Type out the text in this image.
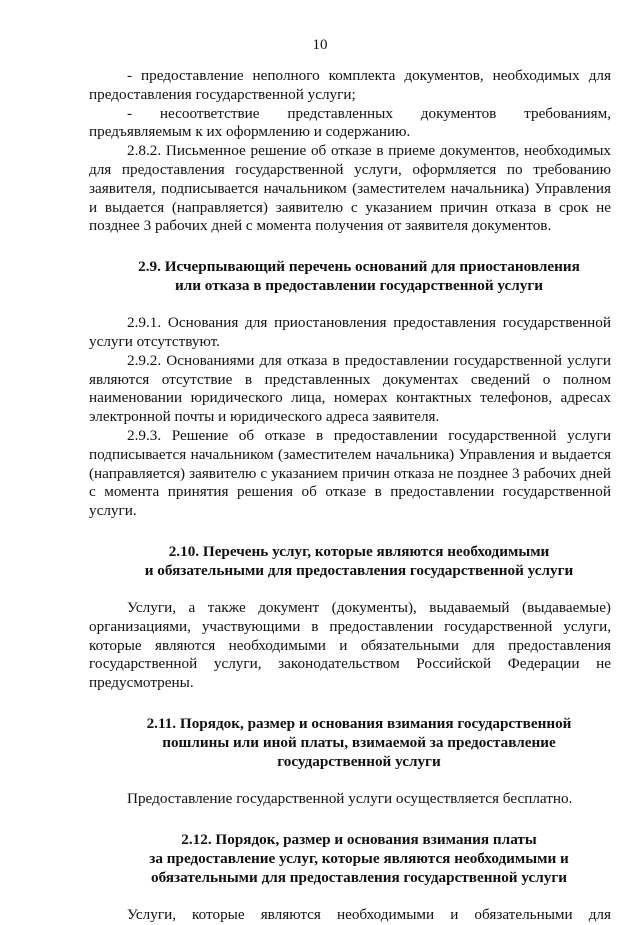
10

- предоставление неполного комплекта документов, необходимых для предоставления государственной услуги;

- несоответствие представленных документов требованиям, предъявляемым к их оформлению и содержанию.

2.8.2. Письменное решение об отказе в приеме документов, необходимых для предоставления государственной услуги, оформляется по требованию заявителя, подписывается начальником (заместителем начальника) Управления и выдается (направляется) заявителю с указанием причин отказа в срок не позднее 3 рабочих дней с момента получения от заявителя документов.

2.9. Исчерпывающий перечень оснований для приостановления
или отказа в предоставлении государственной услуги

2.9.1. Основания для приостановления предоставления государственной услуги отсутствуют.

2.9.2. Основаниями для отказа в предоставлении государственной услуги являются отсутствие в представленных документах сведений о полном наименовании юридического лица, номерах контактных телефонов, адресах электронной почты и юридического адреса заявителя.

2.9.3. Решение об отказе в предоставлении государственной услуги подписывается начальником (заместителем начальника) Управления и выдается (направляется) заявителю с указанием причин отказа не позднее 3 рабочих дней с момента принятия решения об отказе в предоставлении государственной услуги.

2.10. Перечень услуг, которые являются необходимыми
и обязательными для предоставления государственной услуги

Услуги, а также документ (документы), выдаваемый (выдаваемые) организациями, участвующими в предоставлении государственной услуги, которые являются необходимыми и обязательными для предоставления государственной услуги, законодательством Российской Федерации не предусмотрены.

2.11. Порядок, размер и основания взимания государственной
пошлины или иной платы, взимаемой за предоставление
государственной услуги

Предоставление государственной услуги осуществляется бесплатно.

2.12. Порядок, размер и основания взимания платы
за предоставление услуг, которые являются необходимыми и
обязательными для предоставления государственной услуги

Услуги, которые являются необходимыми и обязательными для
